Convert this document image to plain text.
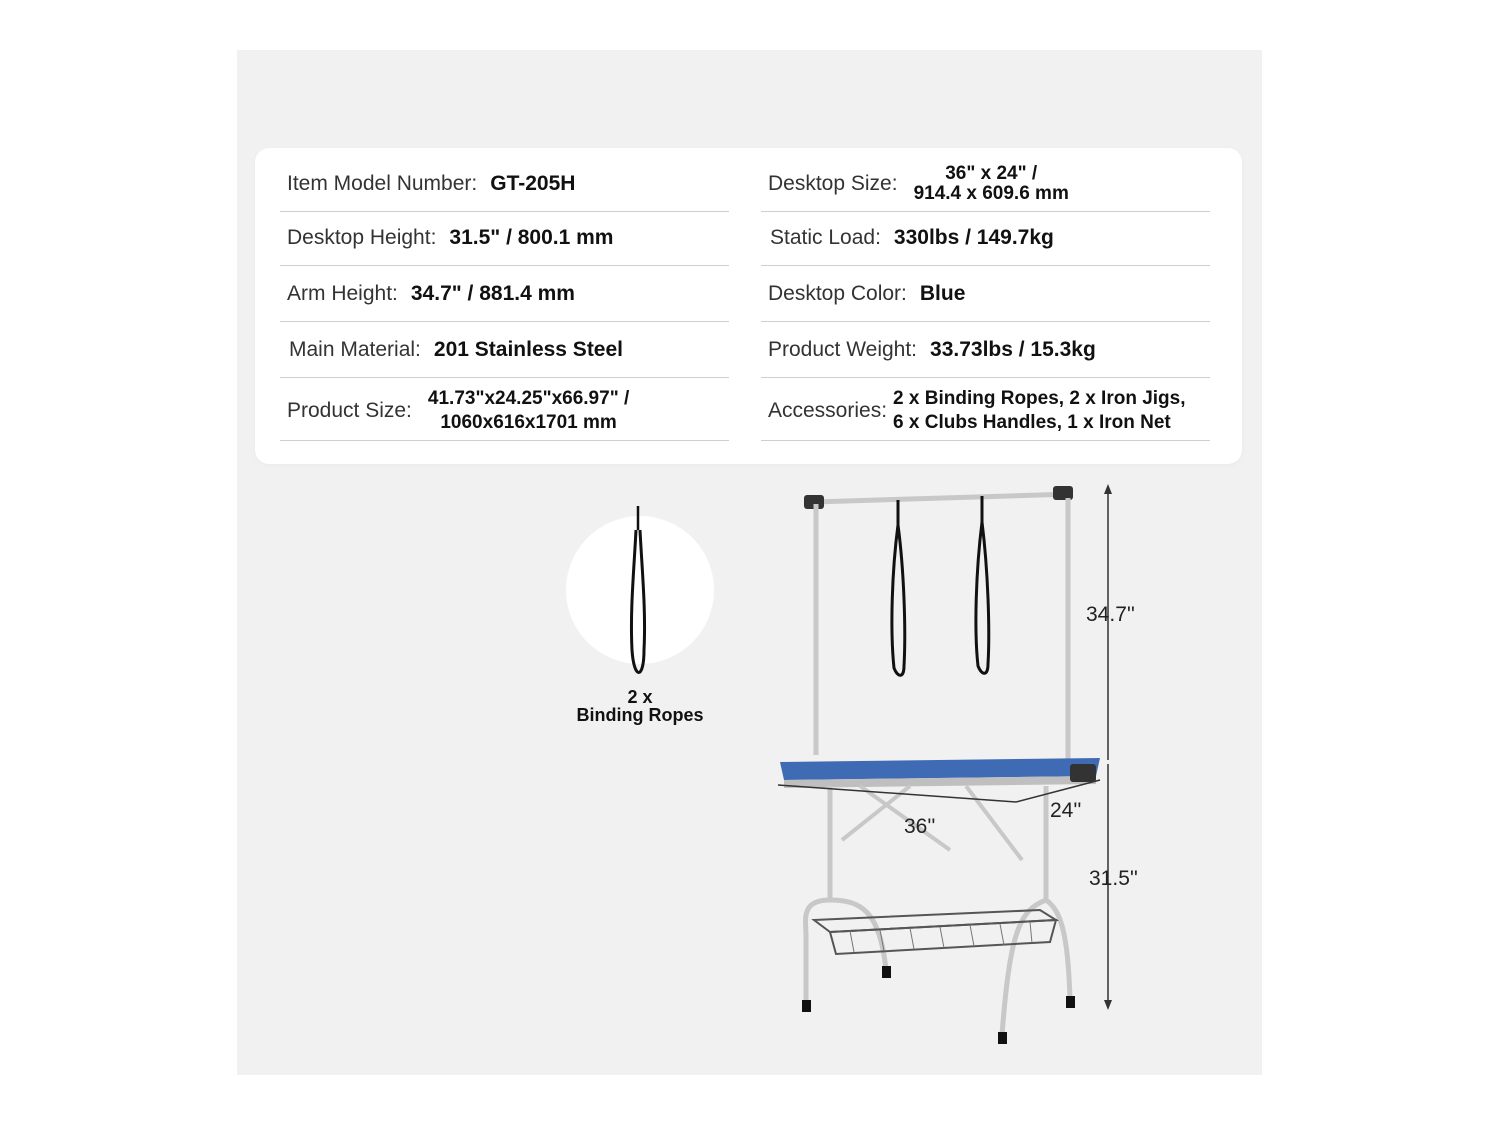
Item Model Number: GT-205H
Desktop Height: 31.5" / 800.1 mm
Arm Height: 34.7" / 881.4 mm
Main Material: 201 Stainless Steel
Product Size:
41.73"x24.25"x66.97" /
1060x616x1701 mm
Desktop Size:	36" x 24" /
914.4 x 609.6 mm
Static Load: 330lbs / 149.7kg
Desktop Color: Blue
Product Weight: 33.73lbs / 15.3kg
Accessories:
2 x Binding Ropes, 2 x Iron Jigs,
6 x Clubs Handles, 1 x Iron Net
2 x
Binding Ropes
34.7''
31.5''
36''
24''
